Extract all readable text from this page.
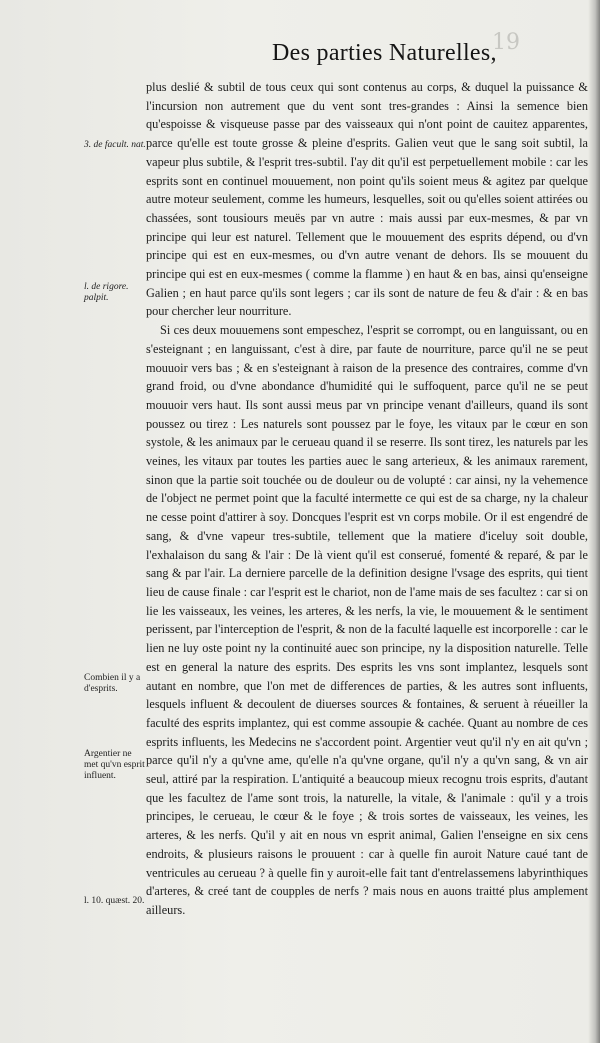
19
Des parties Naturelles,
3. de facult. nat.
l. de rigore. palpit.
Combien il y a d'esprits.
Argentier ne met qu'vn esprit influent.
l. 10. quæst. 20.

plus deslié & subtil de tous ceux qui sont contenus au corps, & duquel la puissance & l'incursion non autrement que du vent sont tres-grandes : Ainsi la semence bien qu'espoisse & visqueuse passe par des vaisseaux qui n'ont point de cauitez apparentes, parce qu'elle est toute grosse & pleine d'esprits. Galien veut que le sang soit subtil, la vapeur plus subtile, & l'esprit tres-subtil. I'ay dit qu'il est perpetuellement mobile : car les esprits sont en continuel mouuement, non point qu'ils soient meus & agitez par quelque autre moteur seulement, comme les humeurs, lesquelles, soit ou qu'elles soient attirées ou chassées, sont tousiours meuës par vn autre : mais aussi par eux-mesmes, & par vn principe qui leur est naturel. Tellement que le mouuement des esprits dépend, ou d'vn principe qui est en eux-mesmes, ou d'vn autre venant de dehors. Ils se mouuent du principe qui est en eux-mesmes ( comme la flamme ) en haut & en bas, ainsi qu'enseigne Galien ; en haut parce qu'ils sont legers ; car ils sont de nature de feu & d'air : & en bas pour chercher leur nourriture.

Si ces deux mouuemens sont empeschez, l'esprit se corrompt, ou en languissant, ou en s'esteignant ; en languissant, c'est à dire, par faute de nourriture, parce qu'il ne se peut mouuoir vers bas ; & en s'esteignant à raison de la presence des contraires, comme d'vn grand froid, ou d'vne abondance d'humidité qui le suffoquent, parce qu'il ne se peut mouuoir vers haut. Ils sont aussi meus par vn principe venant d'ailleurs, quand ils sont poussez ou tirez : Les naturels sont poussez par le foye, les vitaux par le cœur en son systole, & les animaux par le cerueau quand il se reserre. Ils sont tirez, les naturels par les veines, les vitaux par toutes les parties auec le sang arterieux, & les animaux rarement, sinon que la partie soit touchée ou de douleur ou de volupté : car ainsi, ny la vehemence de l'object ne permet point que la faculté intermette ce qui est de sa charge, ny la chaleur ne cesse point d'attirer à soy. Doncques l'esprit est vn corps mobile. Or il est engendré de sang, & d'vne vapeur tres-subtile, tellement que la matiere d'iceluy soit double, l'exhalaison du sang & l'air : De là vient qu'il est conserué, fomenté & reparé, & par le sang & par l'air. La derniere parcelle de la definition designe l'vsage des esprits, qui tient lieu de cause finale : car l'esprit est le chariot, non de l'ame mais de ses facultez : car si on lie les vaisseaux, les veines, les arteres, & les nerfs, la vie, le mouuement & le sentiment perissent, par l'interception de l'esprit, & non de la faculté laquelle est incorporelle : car le lien ne luy oste point ny la continuité auec son principe, ny la disposition naturelle. Telle est en general la nature des esprits. Des esprits les vns sont implantez, lesquels sont autant en nombre, que l'on met de differences de parties, & les autres sont influents, lesquels influent & decoulent de diuerses sources & fontaines, & seruent à réueiller la faculté des esprits implantez, qui est comme assoupie & cachée. Quant au nombre de ces esprits influents, les Medecins ne s'accordent point. Argentier veut qu'il n'y en ait qu'vn ; parce qu'il n'y a qu'vne ame, qu'elle n'a qu'vne organe, qu'il n'y a qu'vn sang, & vn air seul, attiré par la respiration. L'antiquité a beaucoup mieux recognu trois esprits, d'autant que les facultez de l'ame sont trois, la naturelle, la vitale, & l'animale : qu'il y a trois principes, le cerueau, le cœur & le foye ; & trois sortes de vaisseaux, les veines, les arteres, & les nerfs. Qu'il y ait en nous vn esprit animal, Galien l'enseigne en six cens endroits, & plusieurs raisons le prouuent : car à quelle fin auroit Nature caué tant de ventricules au cerueau ? à quelle fin y auroit-elle fait tant d'entrelassemens labyrinthiques d'arteres, & creé tant de coupples de nerfs ? mais nous en auons traitté plus amplement ailleurs.
